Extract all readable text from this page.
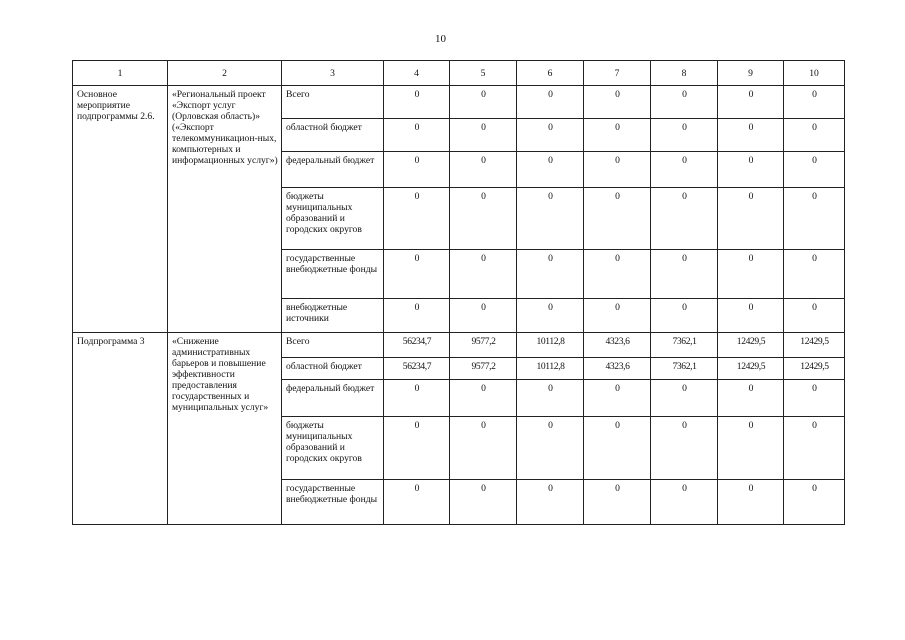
10
1	2	3	4	5	6	7	8	9	10
Основное мероприятие подпрограммы 2.6.	«Региональный проект «Экспорт услуг (Орловская область)» («Экспорт телекоммуникацион-ных, компьютерных и информационных услуг»)	Всего	0	0	0	0	0	0	0
		областной бюджет	0	0	0	0	0	0	0
		федеральный бюджет	0	0	0	0	0	0	0
		бюджеты муниципальных образований и городских округов	0	0	0	0	0	0	0
		государственные внебюджетные фонды	0	0	0	0	0	0	0
		внебюджетные источники	0	0	0	0	0	0	0
Подпрограмма 3	«Снижение административных барьеров и повышение эффективности предоставления государственных и муниципальных услуг»	Всего	56234,7	9577,2	10112,8	4323,6	7362,1	12429,5	12429,5
		областной бюджет	56234,7	9577,2	10112,8	4323,6	7362,1	12429,5	12429,5
		федеральный бюджет	0	0	0	0	0	0	0
		бюджеты муниципальных образований и городских округов	0	0	0	0	0	0	0
		государственные внебюджетные фонды	0	0	0	0	0	0	0
